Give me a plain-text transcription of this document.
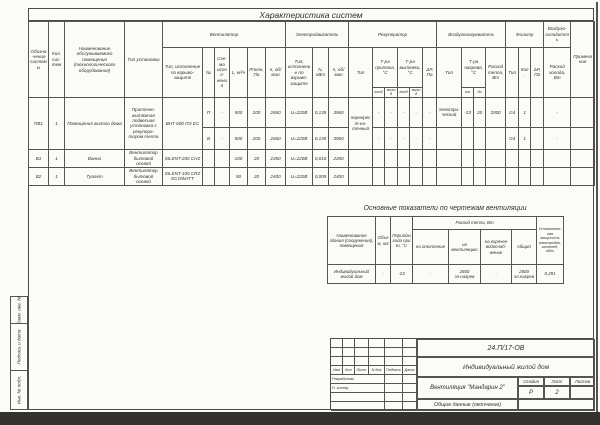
Характеристика систем
Обозна-чение системы	Кол. сис-тем	Наименование обслуживаемого помещения (технологического оборудования)	Тип установки	Вентилятор						Электродвигатель			Рекуператор						Воздухонагреватель				Фильтр			Воздухо-охладитель	Примечание
				Тип, исполнение по взрыво-защите	№	Схе-ма испол-нения	L, м³/ч	Рполн, Па	n, об/мин	Тип, исполнение по взрыво-защите	N, кВт	n, об/мин	Тип	Т-ра притока, °С		Т-ра вытяжки, °С		ΔР, Па	Тип	Т-ра нагрева, °С		Расход тепла, Вт	Тип	Кол.	ΔР, Па	Расход холода, Вт	
														вход	выход	вход	выход			от	до						
ПВ1	1	Помещения жилого дома	Приточно-вытяжная подвесная установка с рекупера-тором тепла	ВНТ 600 ПЭ ЕС	П	-	500	200	2660	U=220В	0,135	3960	перекрест-но-точный	-	-	-	-	-	Электри-ческий	-23	20	2000	G4	1		-	
					В	-	500	200	2660	U=220В	0,135	3960		-	-	-	-	-					G4	1		-	
В1	1	Ванна	Вентилятор бытовой осевой	SILENT-200 CHZ			100	20	2350	U=220В	0,016	2350															
В2	1	Туалет	Вентилятор бытовой осевой	SILENT-100 CRZ ECOWATT			50	20	2400	U=220В	0,005	2400															
Основные показатели по чертежам вентиляции
Наименование здания (сооружения), помещения	Объем, м3	Периоды года при tн, °С	Расход тепла, Вт				Установлен-ная мощность электродви-гателей, кВт
			на отопление	на вентиляцию	на горячее водоснаб-жение	общий	
Индивидуальный жилой дом	-	-23	-	2600 эл.нагрев	-	2600 эл.нагрев	0,291
Взам. инв. №
Подпись и дата
Инв. № подл.
Изм	Кол	Лист	N док	Подпись Дата
Разработал
Н. контр.
24.П/17-ОВ
Индивидуальный жилой дом
Вентиляция "Мандарин 2"
Стадия	Лист	Листов
Р	2
Общие данные (окончание)
